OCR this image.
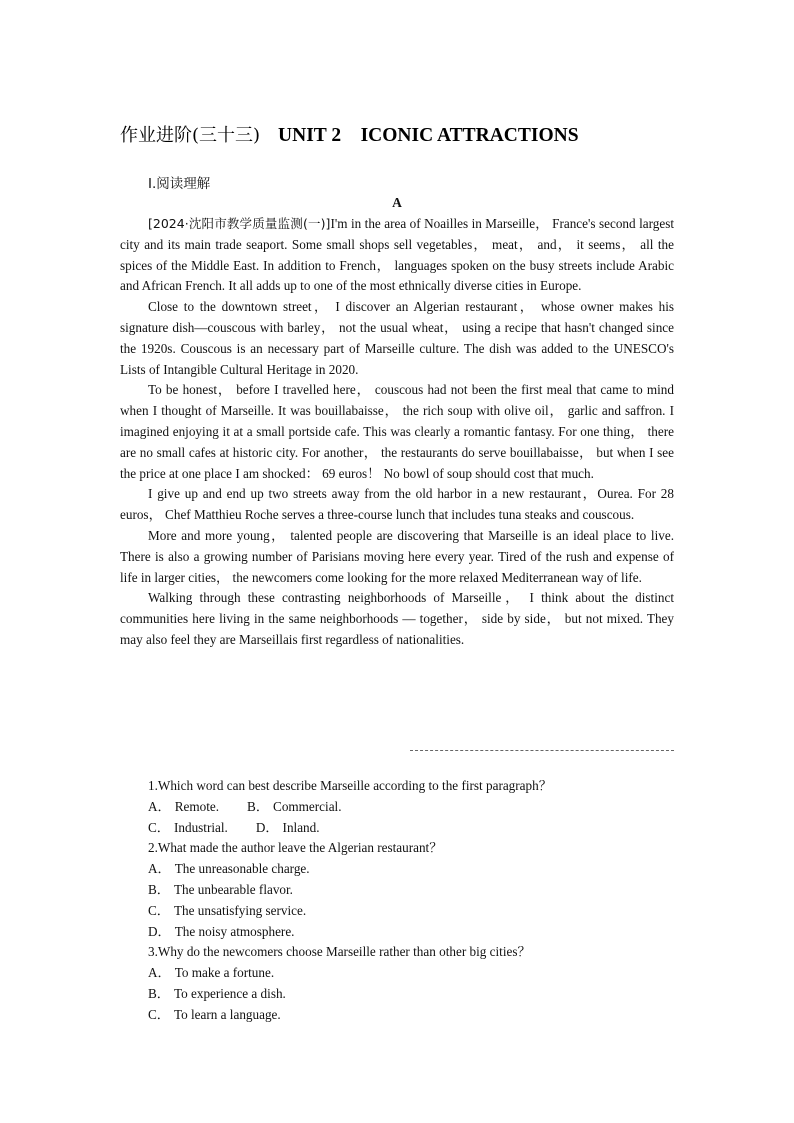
作业进阶(三十三) UNIT 2    ICONIC ATTRACTIONS
Ⅰ.阅读理解
A

[2024·沈阳市教学质量监测(一)]I'm in the area of Noailles in Marseille， France's second largest city and its main trade seaport. Some small shops sell vegetables， meat， and， it seems， all the spices of the Middle East. In addition to French， languages spoken on the busy streets include Arabic and African French. It all adds up to one of the most ethnically diverse cities in Europe.

Close to the downtown street， I discover an Algerian restaurant， whose owner makes his signature dish—couscous with barley， not the usual wheat， using a recipe that hasn't changed since the 1920s. Couscous is an necessary part of Marseille culture. The dish was added to the UNESCO's Lists of Intangible Cultural Heritage in 2020.

To be honest， before I travelled here， couscous had not been the first meal that came to mind when I thought of Marseille. It was bouillabaisse， the rich soup with olive oil， garlic and saffron. I imagined enjoying it at a small portside cafe. This was clearly a romantic fantasy. For one thing， there are no small cafes at historic city. For another， the restaurants do serve bouillabaisse， but when I see the price at one place I am shocked： 69 euros！ No bowl of soup should cost that much.

I give up and end up two streets away from the old harbor in a new restaurant，Ourea. For 28 euros， Chef Matthieu Roche serves a three-course lunch that includes tuna steaks and couscous.

More and more young， talented people are discovering that Marseille is an ideal place to live. There is also a growing number of Parisians moving here every year. Tired of the rush and expense of life in larger cities， the newcomers come looking for the more relaxed Mediterranean way of life.

Walking through these contrasting neighborhoods of Marseille， I think about the distinct communities here living in the same neighborhoods — together， side by side， but not mixed. They may also feel they are Marseillais first regardless of nationalities.

1.Which word can best describe Marseille according to the first paragraph？
A． Remote. B． Commercial.
C． Industrial. D． Inland.
2.What made the author leave the Algerian restaurant？
A． The unreasonable charge.
B． The unbearable flavor.
C． The unsatisfying service.
D． The noisy atmosphere.
3.Why do the newcomers choose Marseille rather than other big cities？
A． To make a fortune.
B． To experience a dish.
C． To learn a language.
